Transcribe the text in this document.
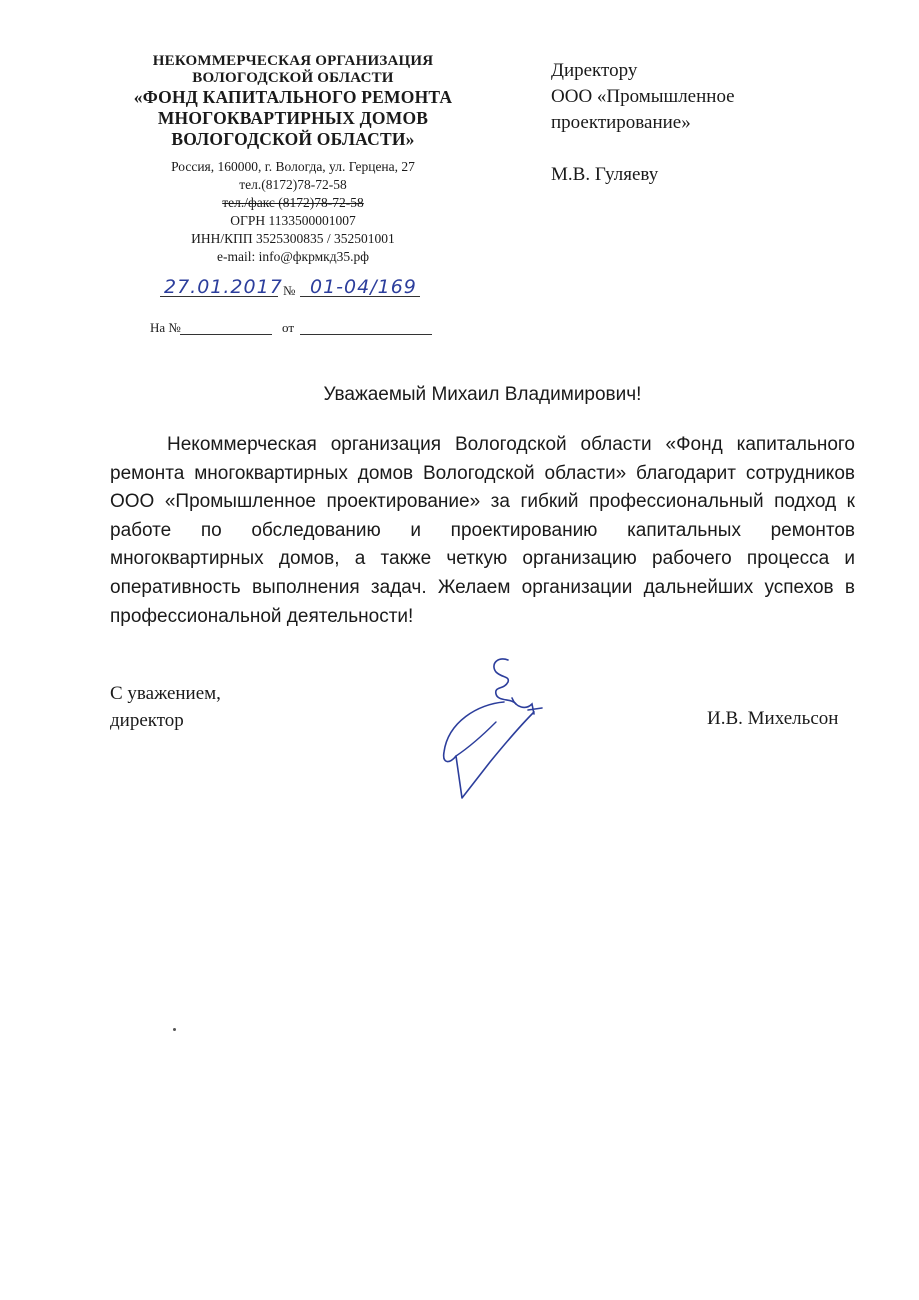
НЕКОММЕРЧЕСКАЯ ОРГАНИЗАЦИЯ
ВОЛОГОДСКОЙ ОБЛАСТИ
«ФОНД КАПИТАЛЬНОГО РЕМОНТА
МНОГОКВАРТИРНЫХ ДОМОВ
ВОЛОГОДСКОЙ ОБЛАСТИ»
Россия, 160000, г. Вологда, ул. Герцена, 27
тел.(8172)78-72-58
тел./факс (8172)78-72-58
ОГРН 1133500001007
ИНН/КПП 3525300835 / 352501001
e-mail: info@фкрмкд35.рф
27.01.2017 № 01-04/169
На №	от
Директору
ООО «Промышленное
проектирование»
М.В. Гуляеву
Уважаемый Михаил Владимирович!
Некоммерческая организация Вологодской области «Фонд капитального ремонта многоквартирных домов Вологодской области» благодарит сотрудников ООО «Промышленное проектирование» за гибкий профессиональный подход к работе по обследованию и проектированию капитальных ремонтов многоквартирных домов, а также четкую организацию рабочего процесса и оперативность выполнения задач. Желаем организации дальнейших успехов в профессиональной деятельности!
С уважением,
директор	И.В. Михельсон
